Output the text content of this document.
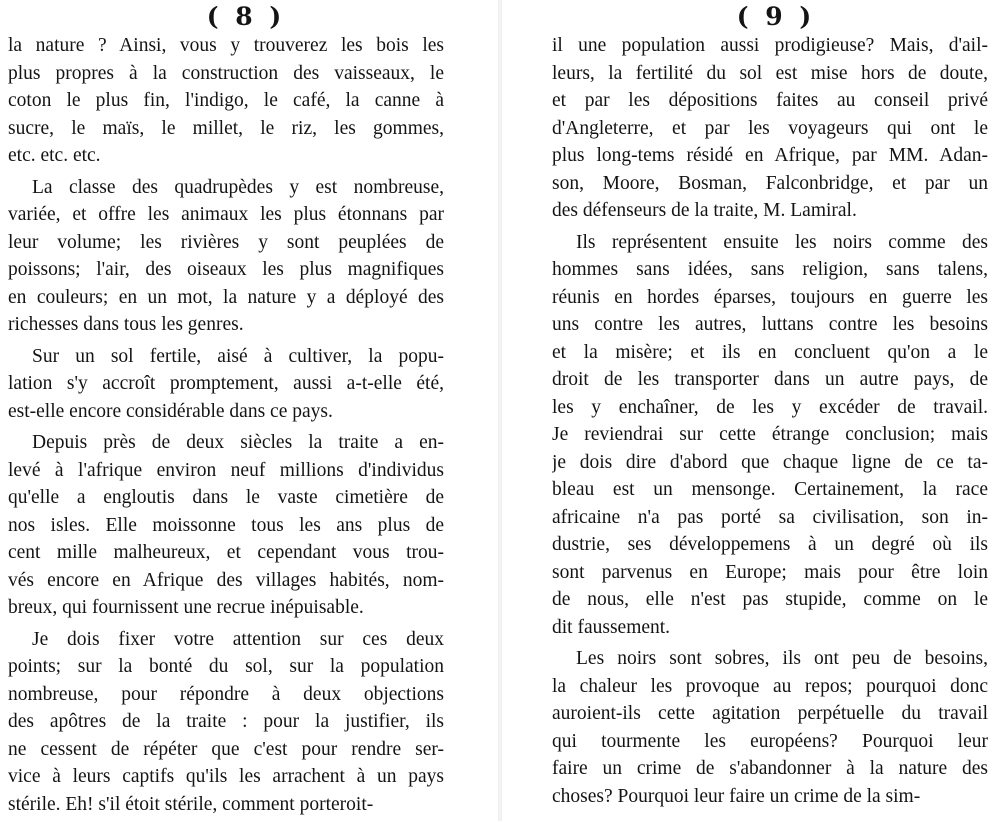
( 8 )
la nature ? Ainsi, vous y trouverez les bois les
plus propres à la construction des vaisseaux, le
coton le plus fin, l'indigo, le café, la canne à
sucre, le maïs, le millet, le riz, les gommes,
etc. etc. etc.
La classe des quadrupèdes y est nombreuse,
variée, et offre les animaux les plus étonnans par
leur volume; les rivières y sont peuplées de
poissons; l'air, des oiseaux les plus magnifiques
en couleurs; en un mot, la nature y a déployé des
richesses dans tous les genres.
Sur un sol fertile, aisé à cultiver, la popu-
lation s'y accroît promptement, aussi a-t-elle été,
est-elle encore considérable dans ce pays.
Depuis près de deux siècles la traite a en-
levé à l'afrique environ neuf millions d'individus
qu'elle a engloutis dans le vaste cimetière de
nos isles. Elle moissonne tous les ans plus de
cent mille malheureux, et cependant vous trou-
vés encore en Afrique des villages habités, nom-
breux, qui fournissent une recrue inépuisable.
Je dois fixer votre attention sur ces deux
points; sur la bonté du sol, sur la population
nombreuse, pour répondre à deux objections
des apôtres de la traite : pour la justifier, ils
ne cessent de répéter que c'est pour rendre ser-
vice à leurs captifs qu'ils les arrachent à un pays
stérile. Eh! s'il étoit stérile, comment porteroit-
( 9 )
il une population aussi prodigieuse? Mais, d'ail-
leurs, la fertilité du sol est mise hors de doute,
et par les dépositions faites au conseil privé
d'Angleterre, et par les voyageurs qui ont le
plus long-tems résidé en Afrique, par MM. Adan-
son, Moore, Bosman, Falconbridge, et par un
des défenseurs de la traite, M. Lamiral.
Ils représentent ensuite les noirs comme des
hommes sans idées, sans religion, sans talens,
réunis en hordes éparses, toujours en guerre les
uns contre les autres, luttans contre les besoins
et la misère; et ils en concluent qu'on a le
droit de les transporter dans un autre pays, de
les y enchaîner, de les y excéder de travail.
Je reviendrai sur cette étrange conclusion; mais
je dois dire d'abord que chaque ligne de ce ta-
bleau est un mensonge. Certainement, la race
africaine n'a pas porté sa civilisation, son in-
dustrie, ses développemens à un degré où ils
sont parvenus en Europe; mais pour être loin
de nous, elle n'est pas stupide, comme on le
dit faussement.
Les noirs sont sobres, ils ont peu de besoins,
la chaleur les provoque au repos; pourquoi donc
auroient-ils cette agitation perpétuelle du travail
qui tourmente les européens? Pourquoi leur
faire un crime de s'abandonner à la nature des
choses? Pourquoi leur faire un crime de la sim-
